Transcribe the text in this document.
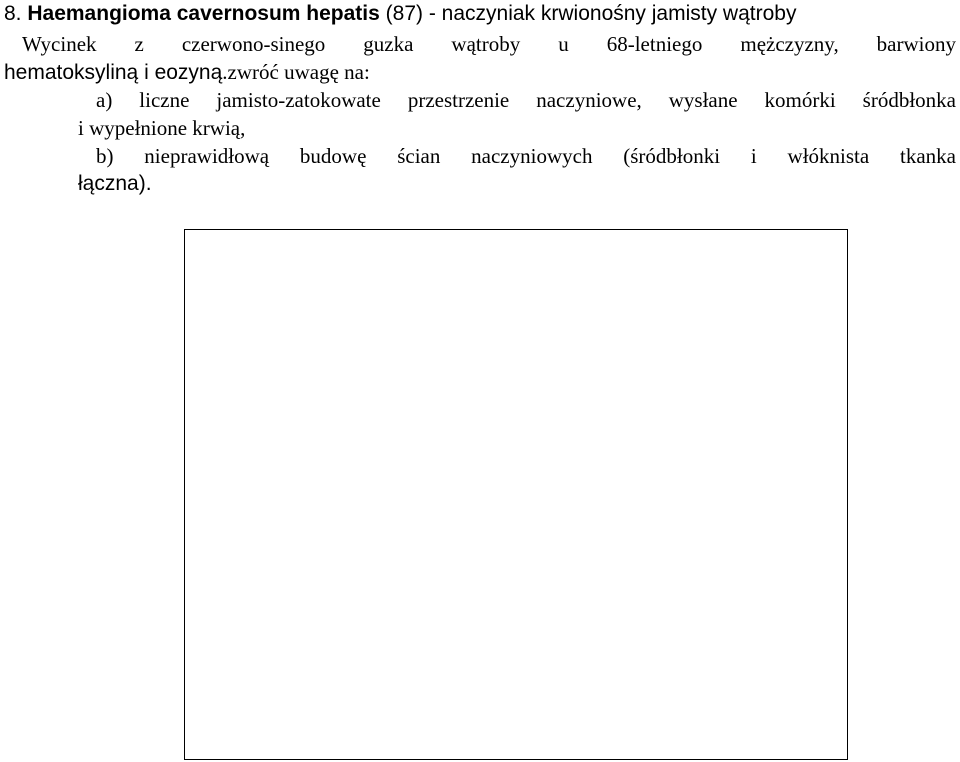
8. Haemangioma cavernosum hepatis (87) - naczyniak krwionośny jamisty wątroby
Wycinek z czerwono-sinego guzka wątroby u 68-letniego mężczyzny, barwiony
hematoksyliną i eozyną.zwróć uwagę na:
a) liczne jamisto-zatokowate przestrzenie naczyniowe, wysłane komórki śródbłonka
i wypełnione krwią,
b) nieprawidłową budowę ścian naczyniowych (śródbłonki i włóknista tkanka
łączna).
